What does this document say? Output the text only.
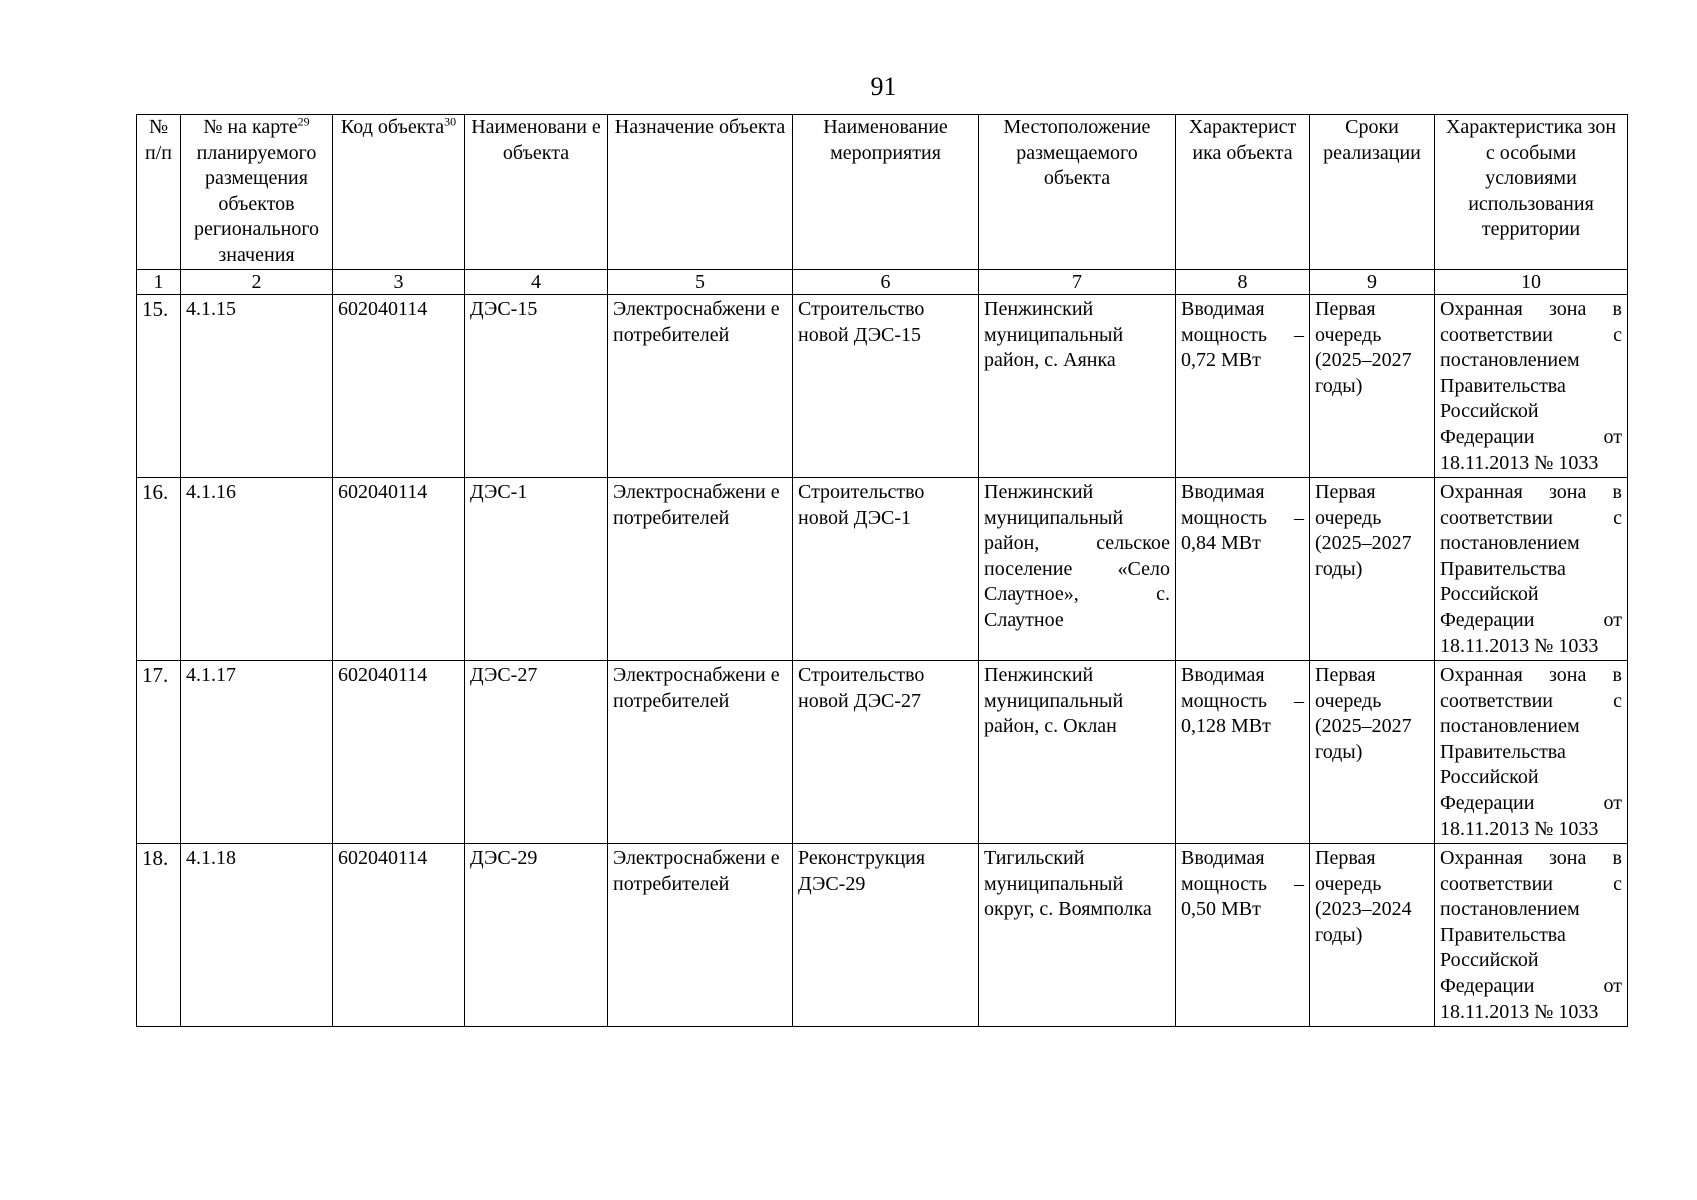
91
№ п/п	№ на карте$^{29}$ планируемого размещения объектов регионального значения	Код объекта$^{30}$	Наименовани е объекта	Назначение объекта	Наименование мероприятия	Местоположение размещаемого объекта	Характерист ика объекта	Сроки реализации	Характеристика зон с особыми условиями использования территории
1	2	3	4	5	6	7	8	9	10
15.	4.1.15	602040114	ДЭС-15	Электроснабжени е потребителей	Строительство новой ДЭС-15	Пенжинский муниципальный район, с. Аянка	Вводимая мощность – 0,72 МВт	Первая очередь (2025–2027 годы)	Охранная зона в соответствии с постановлением Правительства Российской Федерации от 18.11.2013 № 1033
16.	4.1.16	602040114	ДЭС-1	Электроснабжени е потребителей	Строительство новой ДЭС-1	Пенжинский муниципальный район, сельское поселение «Село Слаутное», с. Слаутное	Вводимая мощность – 0,84 МВт	Первая очередь (2025–2027 годы)	Охранная зона в соответствии с постановлением Правительства Российской Федерации от 18.11.2013 № 1033
17.	4.1.17	602040114	ДЭС-27	Электроснабжени е потребителей	Строительство новой ДЭС-27	Пенжинский муниципальный район, с. Оклан	Вводимая мощность – 0,128 МВт	Первая очередь (2025–2027 годы)	Охранная зона в соответствии с постановлением Правительства Российской Федерации от 18.11.2013 № 1033
18.	4.1.18	602040114	ДЭС-29	Электроснабжени е потребителей	Реконструкция ДЭС-29	Тигильский муниципальный округ, с. Воямполка	Вводимая мощность – 0,50 МВт	Первая очередь (2023–2024 годы)	Охранная зона в соответствии с постановлением Правительства Российской Федерации от 18.11.2013 № 1033
